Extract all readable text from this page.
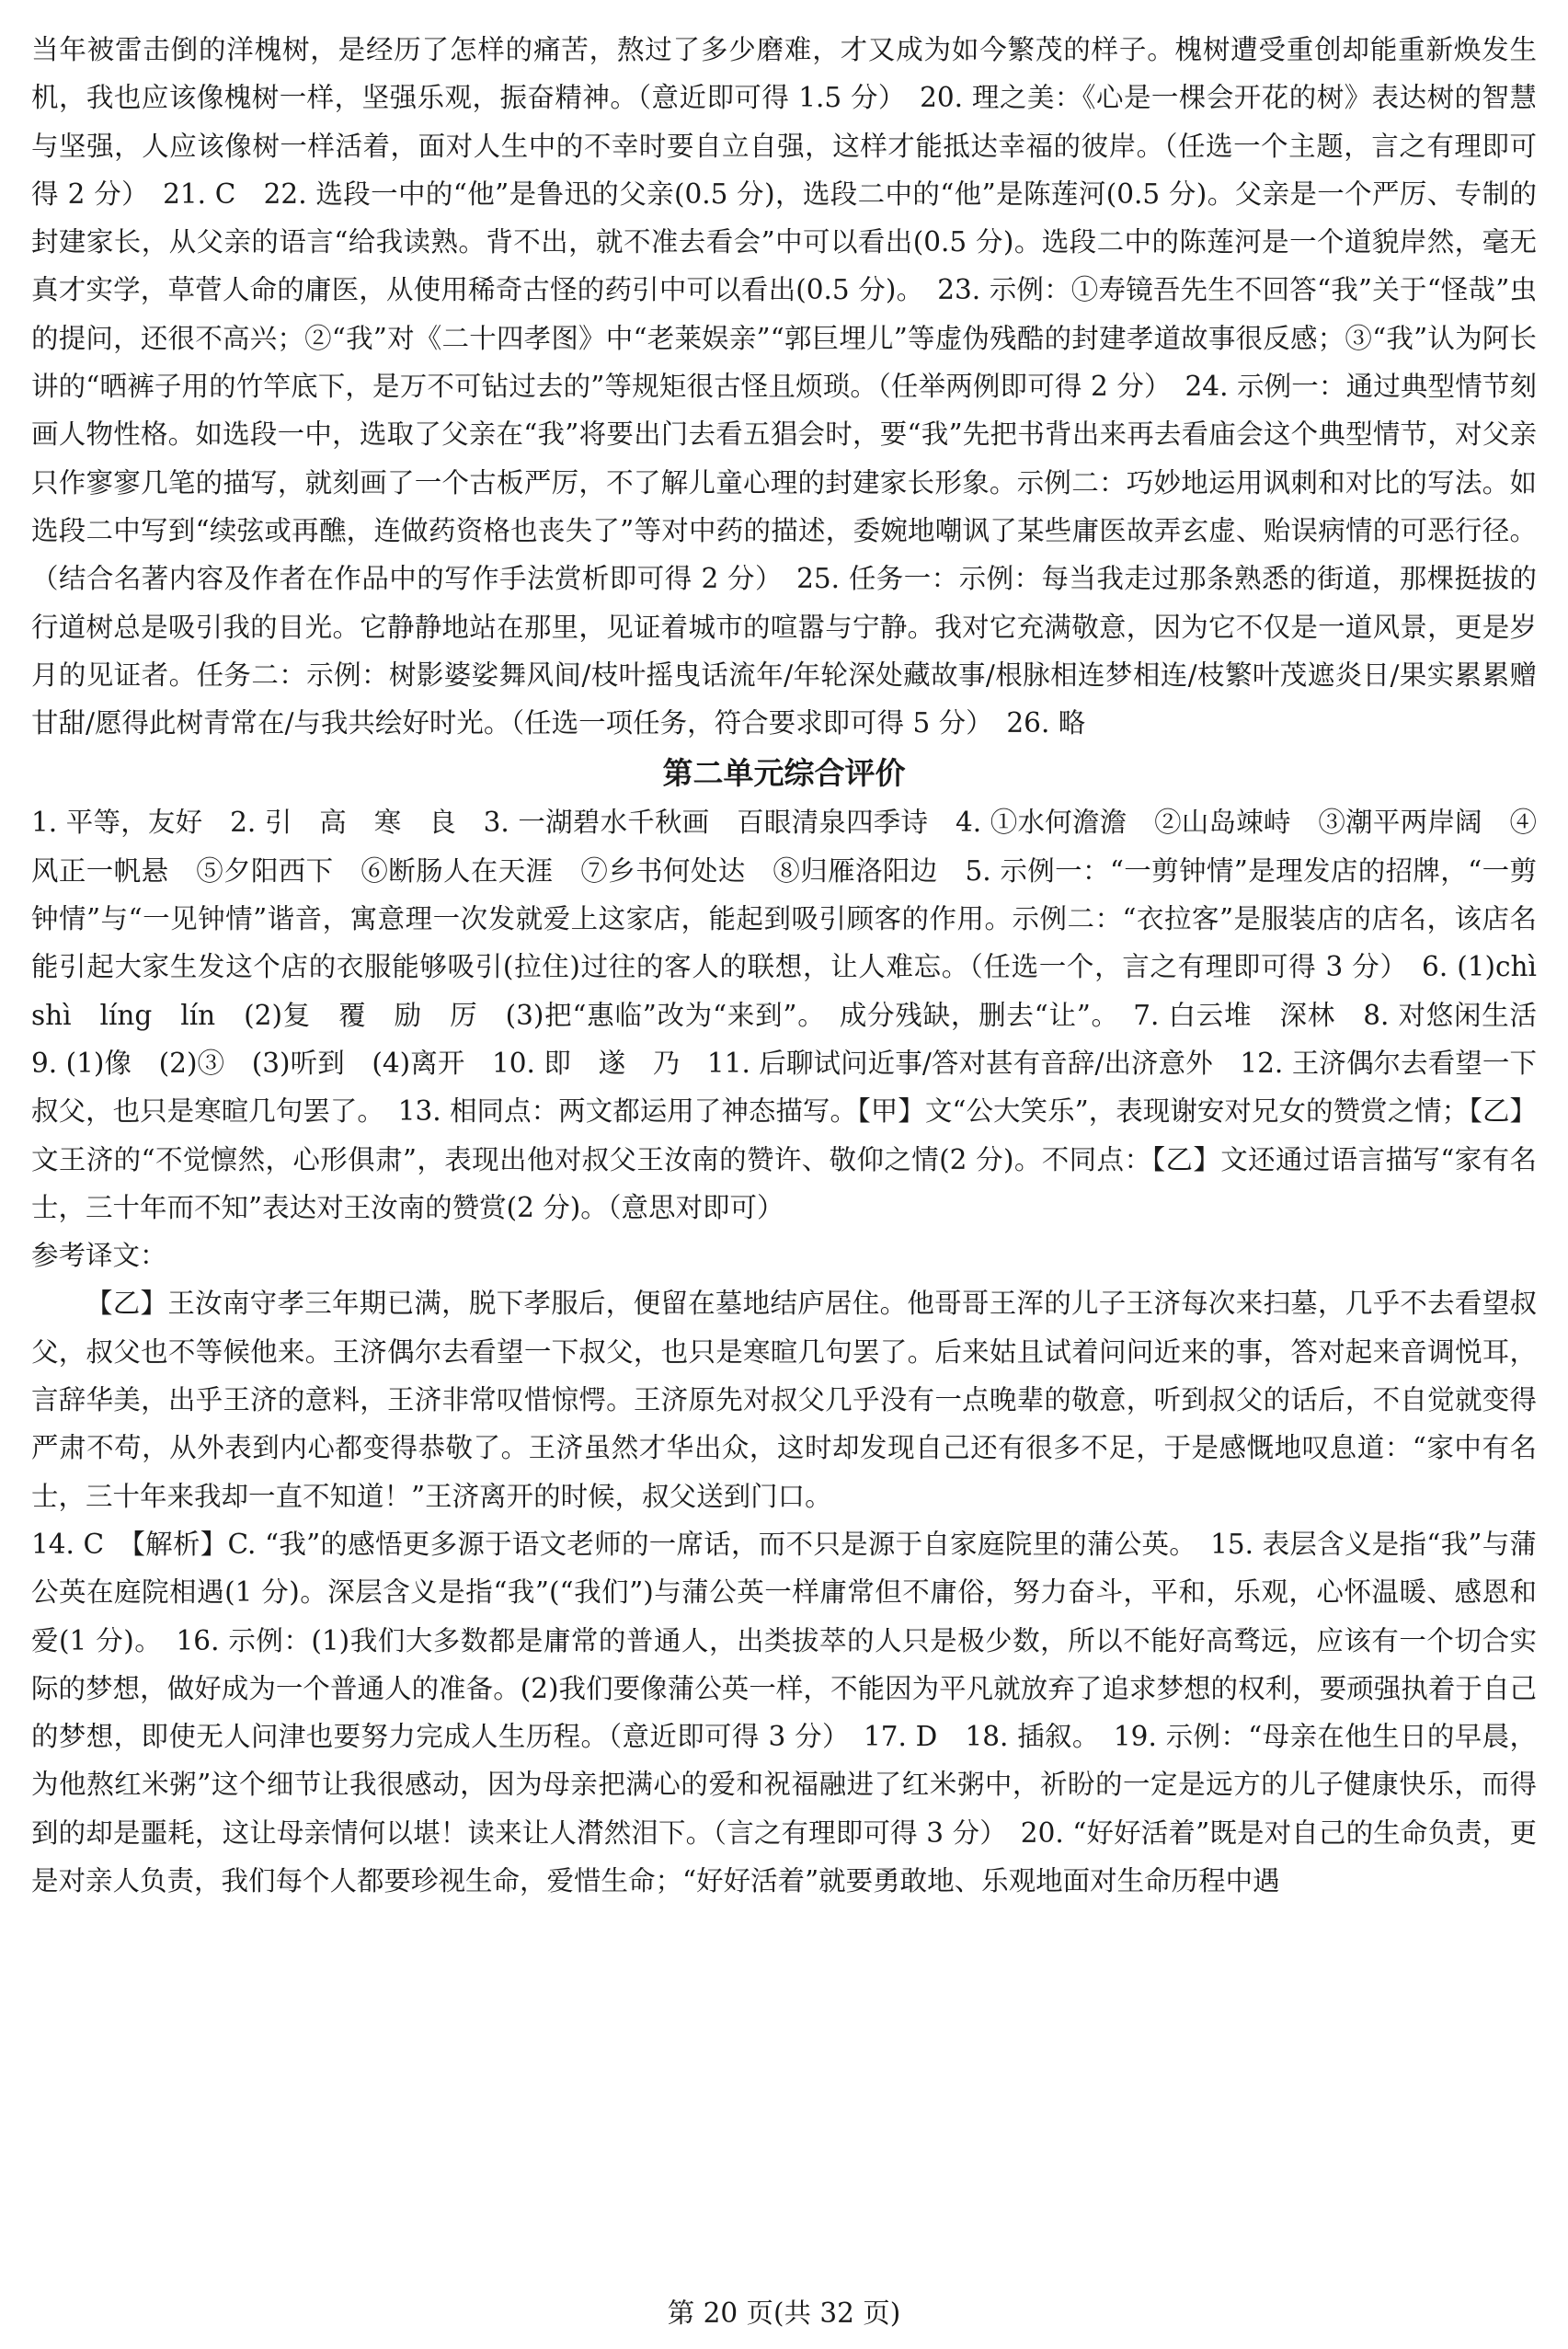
当年被雷击倒的洋槐树，是经历了怎样的痛苦，熬过了多少磨难，才又成为如今繁茂的样子。槐树遭受重创却能重新焕发生机，我也应该像槐树一样，坚强乐观，振奋精神。（意近即可得 1.5 分）　20. 理之美：《心是一棵会开花的树》表达树的智慧与坚强，人应该像树一样活着，面对人生中的不幸时要自立自强，这样才能抵达幸福的彼岸。（任选一个主题，言之有理即可得 2 分）　21. C　22. 选段一中的“他”是鲁迅的父亲(0.5 分)，选段二中的“他”是陈莲河(0.5 分)。父亲是一个严厉、专制的封建家长，从父亲的语言“给我读熟。背不出，就不准去看会”中可以看出(0.5 分)。选段二中的陈莲河是一个道貌岸然，毫无真才实学，草菅人命的庸医，从使用稀奇古怪的药引中可以看出(0.5 分)。　23. 示例：①寿镜吾先生不回答“我”关于“怪哉”虫的提问，还很不高兴；②“我”对《二十四孝图》中“老莱娱亲”“郭巨埋儿”等虚伪残酷的封建孝道故事很反感；③“我”认为阿长讲的“晒裤子用的竹竿底下，是万不可钻过去的”等规矩很古怪且烦琐。（任举两例即可得 2 分）　24. 示例一：通过典型情节刻画人物性格。如选段一中，选取了父亲在“我”将要出门去看五猖会时，要“我”先把书背出来再去看庙会这个典型情节，对父亲只作寥寥几笔的描写，就刻画了一个古板严厉，不了解儿童心理的封建家长形象。示例二：巧妙地运用讽刺和对比的写法。如选段二中写到“续弦或再醮，连做药资格也丧失了”等对中药的描述，委婉地嘲讽了某些庸医故弄玄虚、贻误病情的可恶行径。（结合名著内容及作者在作品中的写作手法赏析即可得 2 分）　25. 任务一：示例：每当我走过那条熟悉的街道，那棵挺拔的行道树总是吸引我的目光。它静静地站在那里，见证着城市的喧嚣与宁静。我对它充满敬意，因为它不仅是一道风景，更是岁月的见证者。任务二：示例：树影婆娑舞风间/枝叶摇曳话流年/年轮深处藏故事/根脉相连梦相连/枝繁叶茂遮炎日/果实累累赠甘甜/愿得此树青常在/与我共绘好时光。（任选一项任务，符合要求即可得 5 分）　26. 略

第二单元综合评价

1. 平等，友好　2. 引　高　寒　良　3. 一湖碧水千秋画　百眼清泉四季诗　4. ①水何澹澹　②山岛竦峙　③潮平两岸阔　④风正一帆悬　⑤夕阳西下　⑥断肠人在天涯　⑦乡书何处达　⑧归雁洛阳边　5. 示例一：“一剪钟情”是理发店的招牌，“一剪钟情”与“一见钟情”谐音，寓意理一次发就爱上这家店，能起到吸引顾客的作用。示例二：“衣拉客”是服装店的店名，该店名能引起大家生发这个店的衣服能够吸引(拉住)过往的客人的联想，让人难忘。（任选一个，言之有理即可得 3 分）　6. (1)chì　shì　líng　lín　(2)复　覆　励　厉　(3)把“惠临”改为“来到”。　成分残缺，删去“让”。　7. 白云堆　深林　8. 对悠闲生活　9. (1)像　(2)③　(3)听到　(4)离开　10. 即　遂　乃　11. 后聊试问近事/答对甚有音辞/出济意外　12. 王济偶尔去看望一下叔父，也只是寒暄几句罢了。　13. 相同点：两文都运用了神态描写。【甲】文“公大笑乐”，表现谢安对兄女的赞赏之情；【乙】文王济的“不觉懔然，心形俱肃”，表现出他对叔父王汝南的赞许、敬仰之情(2 分)。不同点：【乙】文还通过语言描写“家有名士，三十年而不知”表达对王汝南的赞赏(2 分)。（意思对即可）

参考译文：

【乙】王汝南守孝三年期已满，脱下孝服后，便留在墓地结庐居住。他哥哥王浑的儿子王济每次来扫墓，几乎不去看望叔父，叔父也不等候他来。王济偶尔去看望一下叔父，也只是寒暄几句罢了。后来姑且试着问问近来的事，答对起来音调悦耳，言辞华美，出乎王济的意料，王济非常叹惜惊愕。王济原先对叔父几乎没有一点晚辈的敬意，听到叔父的话后，不自觉就变得严肃不苟，从外表到内心都变得恭敬了。王济虽然才华出众，这时却发现自己还有很多不足，于是感慨地叹息道：“家中有名士，三十年来我却一直不知道！”王济离开的时候，叔父送到门口。

14. C　【解析】C. “我”的感悟更多源于语文老师的一席话，而不只是源于自家庭院里的蒲公英。　15. 表层含义是指“我”与蒲公英在庭院相遇(1 分)。深层含义是指“我”(“我们”)与蒲公英一样庸常但不庸俗，努力奋斗，平和，乐观，心怀温暖、感恩和爱(1 分)。　16. 示例：(1)我们大多数都是庸常的普通人，出类拔萃的人只是极少数，所以不能好高骛远，应该有一个切合实际的梦想，做好成为一个普通人的准备。(2)我们要像蒲公英一样，不能因为平凡就放弃了追求梦想的权利，要顽强执着于自己的梦想，即使无人问津也要努力完成人生历程。（意近即可得 3 分）　17. D　18. 插叙。　19. 示例：“母亲在他生日的早晨，为他熬红米粥”这个细节让我很感动，因为母亲把满心的爱和祝福融进了红米粥中，祈盼的一定是远方的儿子健康快乐，而得到的却是噩耗，这让母亲情何以堪！读来让人潸然泪下。（言之有理即可得 3 分）　20. “好好活着”既是对自己的生命负责，更是对亲人负责，我们每个人都要珍视生命，爱惜生命；“好好活着”就要勇敢地、乐观地面对生命历程中遇

第 20 页(共 32 页)
